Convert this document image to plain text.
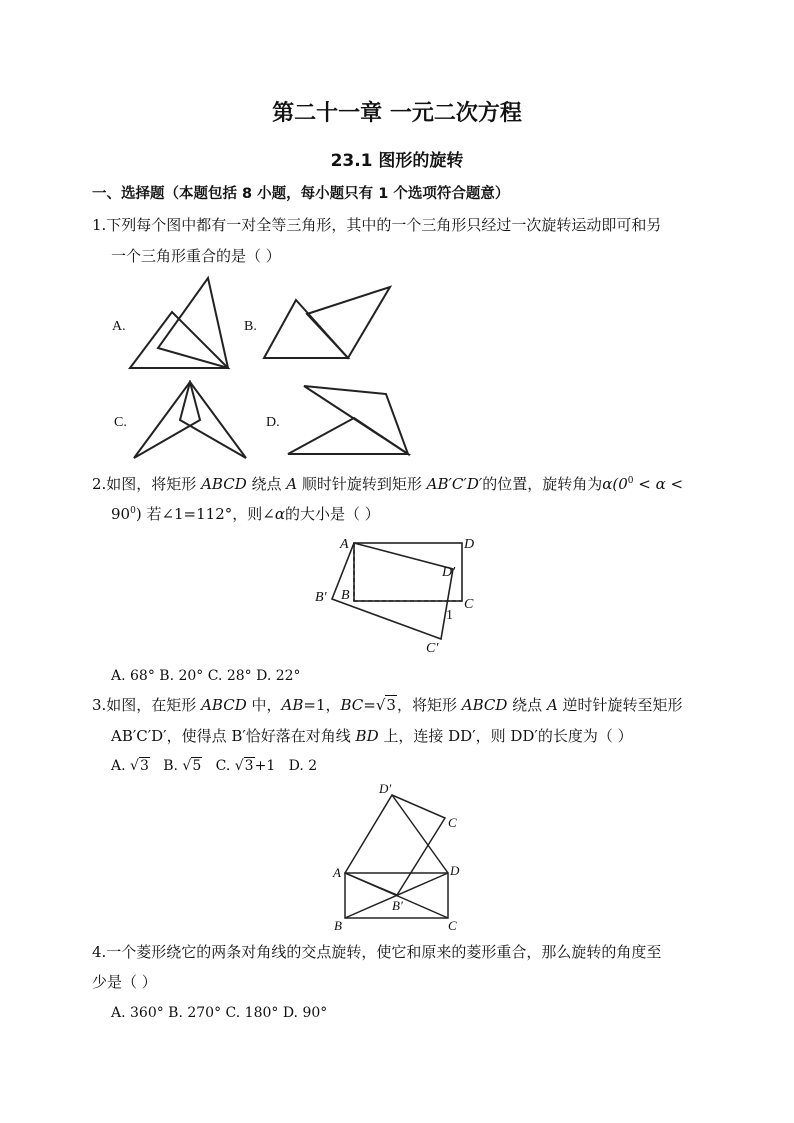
第二十一章 一元二次方程
23.1 图形的旋转
一、选择题（本题包括 8 小题，每小题只有 1 个选项符合题意）
1.下列每个图中都有一对全等三角形，其中的一个三角形只经过一次旋转运动即可和另
一个三角形重合的是（ ）
A.	B.
C.	D.
2.如图，将矩形 ABCD 绕点 A 顺时针旋转到矩形 AB′C′D′的位置，旋转角为$\alpha(0^0 < \alpha$ <
$90^0$) 若∠1=112°，则∠α的大小是（ ）
A	D
D′
B′ B
C
1
C′
A. 68° B. 20° C. 28° D. 22°
3.如图，在矩形 ABCD 中，AB=1，BC=√3，将矩形 ABCD 绕点 A 逆时针旋转至矩形
AB′C′D′，使得点 B′恰好落在对角线 BD 上，连接 DD′，则 DD′的长度为（ ）
A. √3 B. √5 C. √3+1 D. 2
D′
C
A	D
B′
B	C
4.一个菱形绕它的两条对角线的交点旋转，使它和原来的菱形重合，那么旋转的角度至
少是（ ）
A. 360° B. 270° C. 180° D. 90°
